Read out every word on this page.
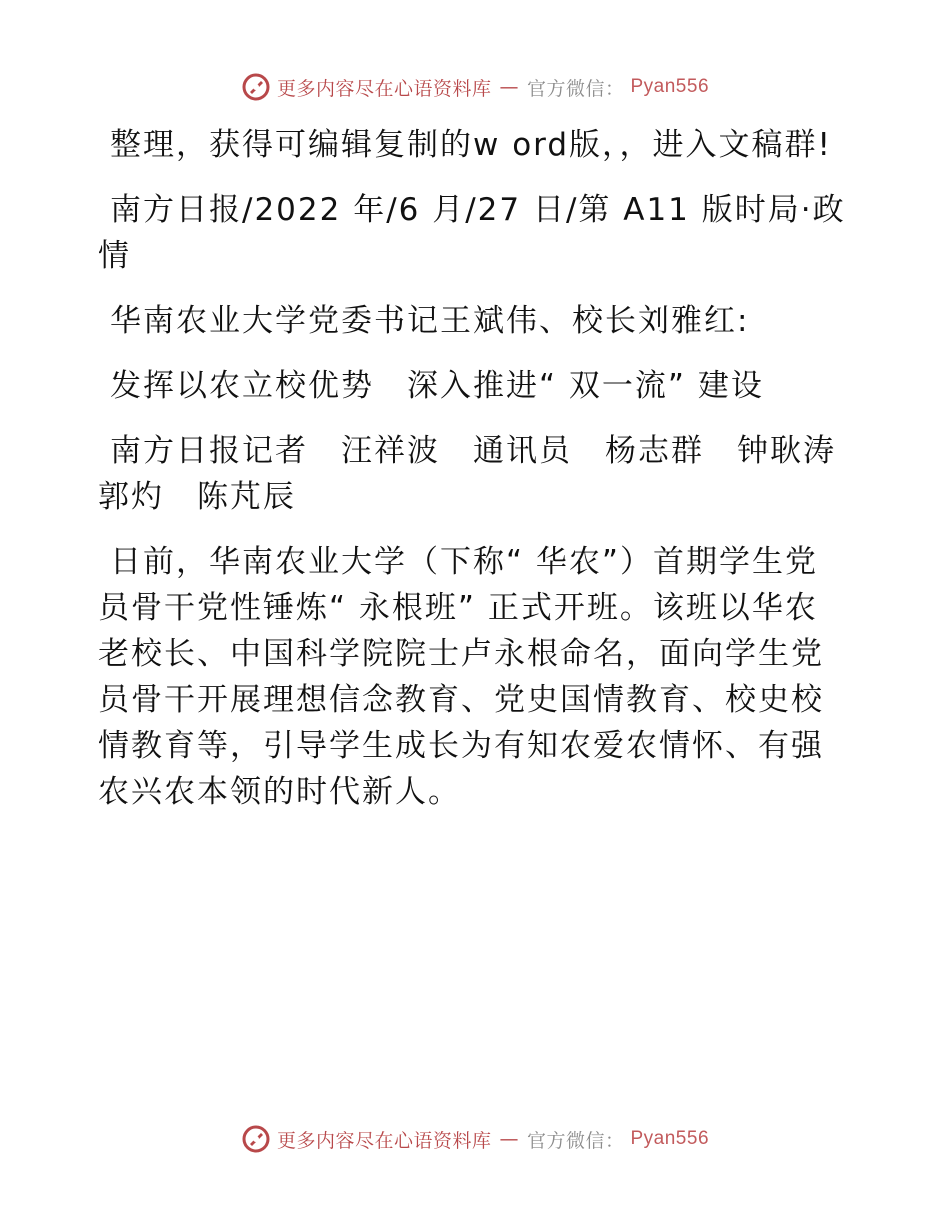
更多内容尽在心语资料库 — 官方微信： Pyan556

整理，获得可编辑复制的w ord版，，进入文稿群!

南方日报/2022 年/6 月/27 日/第 A11 版时局·政情

华南农业大学党委书记王斌伟、校长刘雅红:

发挥以农立校优势　深入推进“ 双一流” 建设

南方日报记者　汪祥波　通讯员　杨志群　钟耿涛　郭灼　陈芃辰

日前，华南农业大学（下称“ 华农”）首期学生党员骨干党性锤炼“ 永根班” 正式开班。该班以华农老校长、中国科学院院士卢永根命名，面向学生党员骨干开展理想信念教育、党史国情教育、校史校情教育等，引导学生成长为有知农爱农情怀、有强农兴农本领的时代新人。

更多内容尽在心语资料库 — 官方微信： Pyan556
